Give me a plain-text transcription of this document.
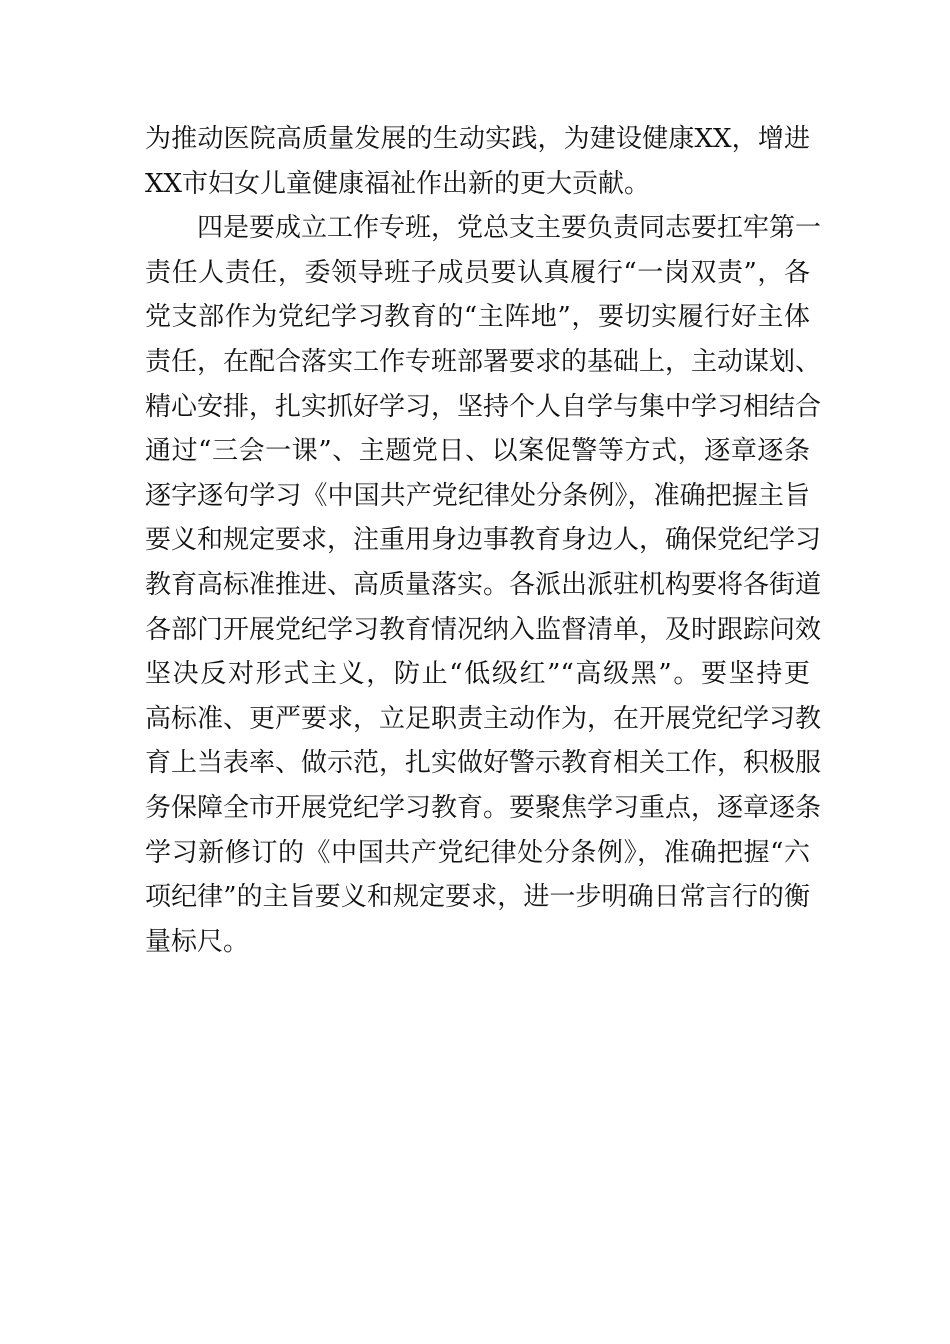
为推动医院高质量发展的生动实践，为建设健康XX，增进
XX市妇女儿童健康福祉作出新的更大贡献。
四是要成立工作专班，党总支主要负责同志要扛牢第一
责任人责任，委领导班子成员要认真履行“一岗双责”，各
党支部作为党纪学习教育的“主阵地”，要切实履行好主体
责任，在配合落实工作专班部署要求的基础上，主动谋划、
精心安排，扎实抓好学习，坚持个人自学与集中学习相结合
通过“三会一课”、主题党日、以案促警等方式，逐章逐条
逐字逐句学习《中国共产党纪律处分条例》，准确把握主旨
要义和规定要求，注重用身边事教育身边人，确保党纪学习
教育高标准推进、高质量落实。各派出派驻机构要将各街道
各部门开展党纪学习教育情况纳入监督清单，及时跟踪问效
坚决反对形式主义，防止“低级红”“高级黑”。要坚持更
高标准、更严要求，立足职责主动作为，在开展党纪学习教
育上当表率、做示范，扎实做好警示教育相关工作，积极服
务保障全市开展党纪学习教育。要聚焦学习重点，逐章逐条
学习新修订的《中国共产党纪律处分条例》，准确把握“六
项纪律”的主旨要义和规定要求，进一步明确日常言行的衡
量标尺。
